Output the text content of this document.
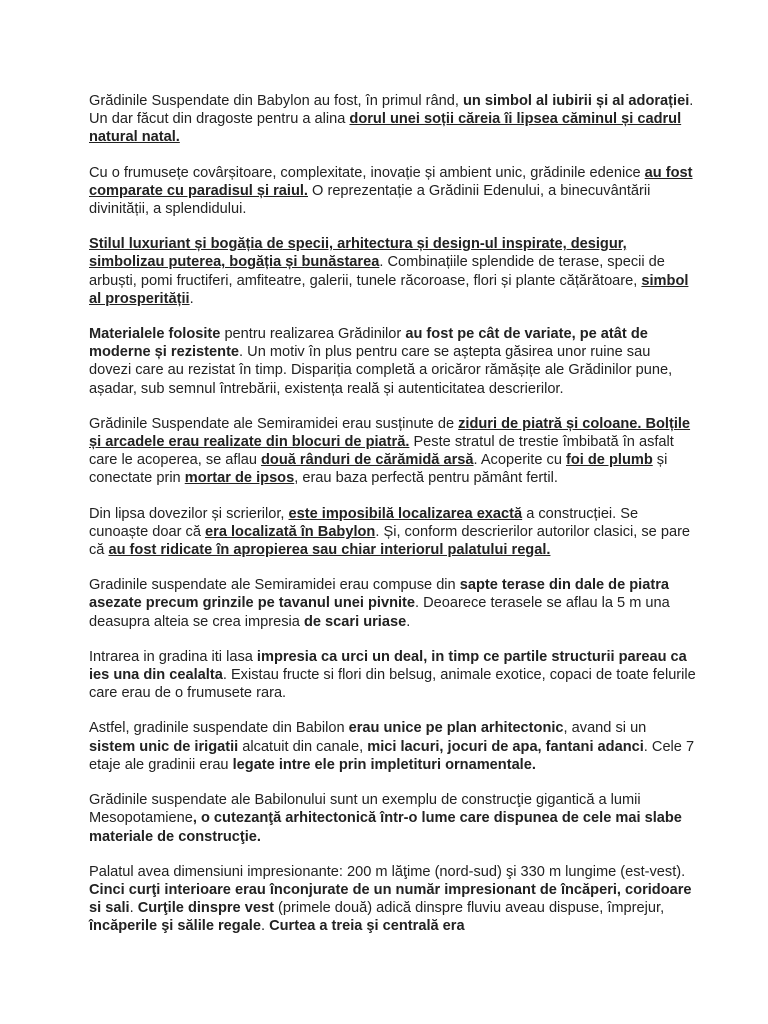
Grădinile Suspendate din Babylon au fost, în primul rând, un simbol al iubirii și al adorației. Un dar făcut din dragoste pentru a alina dorul unei soții căreia îi lipsea căminul și cadrul natural natal.

Cu o frumusețe covârșitoare, complexitate, inovație și ambient unic, grădinile edenice au fost comparate cu paradisul și raiul. O reprezentație a Grădinii Edenului, a binecuvântării divinității, a splendidului.

Stilul luxuriant și bogăția de specii, arhitectura și design-ul inspirate, desigur, simbolizau puterea, bogăția și bunăstarea. Combinațiile splendide de terase, specii de arbuști, pomi fructiferi, amfiteatre, galerii, tunele răcoroase, flori și plante cățărătoare, simbol al prosperității.

Materialele folosite pentru realizarea Grădinilor au fost pe cât de variate, pe atât de moderne și rezistente. Un motiv în plus pentru care se aștepta găsirea unor ruine sau dovezi care au rezistat în timp. Dispariția completă a oricăror rămășițe ale Grădinilor pune, așadar, sub semnul întrebării, existența reală și autenticitatea descrierilor.

Grădinile Suspendate ale Semiramidei erau susținute de ziduri de piatră și coloane. Bolțile și arcadele erau realizate din blocuri de piatră. Peste stratul de trestie îmbibată în asfalt care le acoperea, se aflau două rânduri de cărămidă arsă. Acoperite cu foi de plumb și conectate prin mortar de ipsos, erau baza perfectă pentru pământ fertil.

Din lipsa dovezilor și scrierilor, este imposibilă localizarea exactă a construcției. Se cunoaște doar că era localizată în Babylon. Și, conform descrierilor autorilor clasici, se pare că au fost ridicate în apropierea sau chiar interiorul palatului regal.

Gradinile suspendate ale Semiramidei erau compuse din sapte terase din dale de piatra asezate precum grinzile pe tavanul unei pivnite. Deoarece terasele se aflau la 5 m una deasupra alteia se crea impresia de scari uriase.

Intrarea in gradina iti lasa impresia ca urci un deal, in timp ce partile structurii pareau ca ies una din cealalta. Existau fructe si flori din belsug, animale exotice, copaci de toate felurile care erau de o frumusete rara.

Astfel, gradinile suspendate din Babilon erau unice pe plan arhitectonic, avand si un sistem unic de irigatii alcatuit din canale, mici lacuri, jocuri de apa, fantani adanci. Cele 7 etaje ale gradinii erau legate intre ele prin impletituri ornamentale.

Grădinile suspendate ale Babilonului sunt un exemplu de construcţie gigantică a lumii Mesopotamiene, o cutezanţă arhitectonică într-o lume care dispunea de cele mai slabe materiale de construcţie.

Palatul avea dimensiuni impresionante: 200 m lăţime (nord-sud) şi 330 m lungime (est-vest). Cinci curţi interioare erau înconjurate de un număr impresionant de încăperi, coridoare si sali. Curţile dinspre vest (primele două) adică dinspre fluviu aveau dispuse, împrejur, încăperile şi sălile regale. Curtea a treia şi centrală era
